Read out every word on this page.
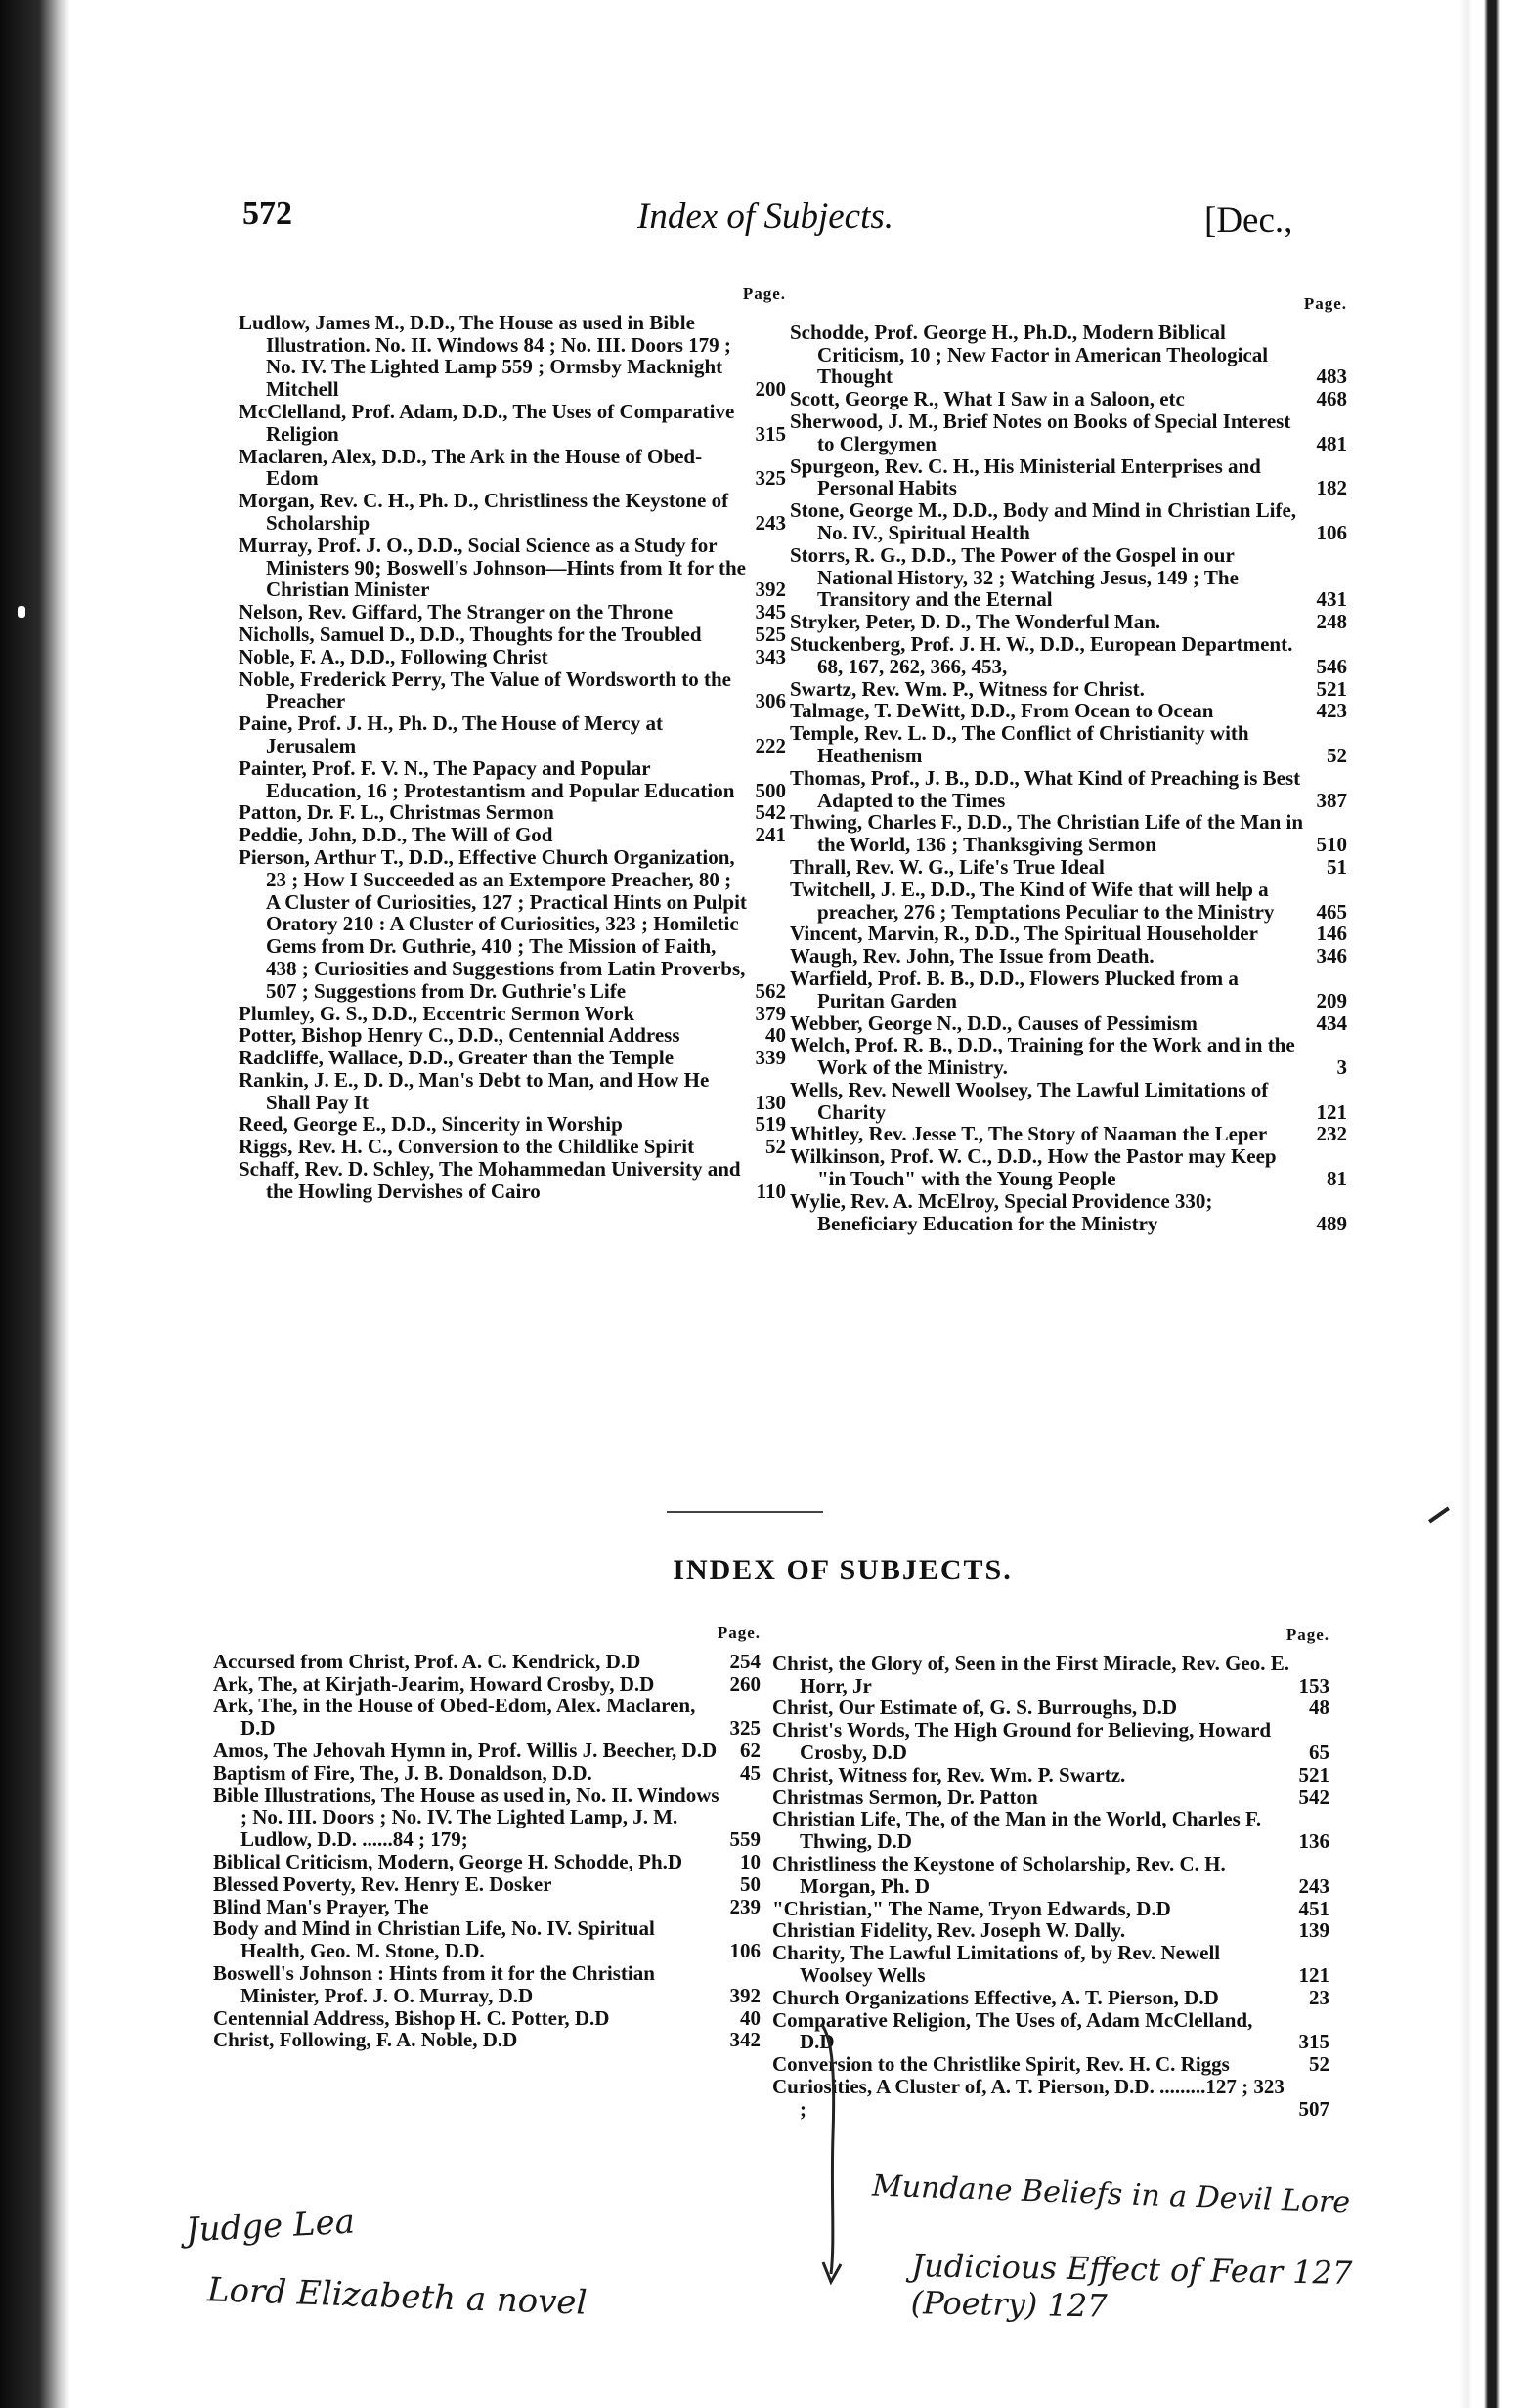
572	Index of Subjects.	[Dec.,
Page.
Ludlow, James M., D.D., The House as used in Bible Illustration. No. II. Windows 84 ; No. III. Doors 179 ; No. IV. The Lighted Lamp 559 ; Ormsby Macknight Mitchell	200
McClelland, Prof. Adam, D.D., The Uses of Comparative Religion	315
Maclaren, Alex, D.D., The Ark in the House of Obed-Edom	325
Morgan, Rev. C. H., Ph. D., Christliness the Keystone of Scholarship	243
Murray, Prof. J. O., D.D., Social Science as a Study for Ministers 90; Boswell's Johnson—Hints from It for the Christian Minister	392
Nelson, Rev. Giffard, The Stranger on the Throne	345
Nicholls, Samuel D., D.D., Thoughts for the Troubled	525
Noble, F. A., D.D., Following Christ	343
Noble, Frederick Perry, The Value of Wordsworth to the Preacher	306
Paine, Prof. J. H., Ph. D., The House of Mercy at Jerusalem	222
Painter, Prof. F. V. N., The Papacy and Popular Education, 16 ; Protestantism and Popular Education	500
Patton, Dr. F. L., Christmas Sermon	542
Peddie, John, D.D., The Will of God	241
Pierson, Arthur T., D.D., Effective Church Organization, 23 ; How I Succeeded as an Extempore Preacher, 80 ; A Cluster of Curiosities, 127 ; Practical Hints on Pulpit Oratory 210 : A Cluster of Curiosities, 323 ; Homiletic Gems from Dr. Guthrie, 410 ; The Mission of Faith, 438 ; Curiosities and Suggestions from Latin Proverbs, 507 ; Suggestions from Dr. Guthrie's Life	562
Plumley, G. S., D.D., Eccentric Sermon Work	379
Potter, Bishop Henry C., D.D., Centennial Address	40
Radcliffe, Wallace, D.D., Greater than the Temple	339
Rankin, J. E., D. D., Man's Debt to Man, and How He Shall Pay It	130
Reed, George E., D.D., Sincerity in Worship	519
Riggs, Rev. H. C., Conversion to the Childlike Spirit	52
Schaff, Rev. D. Schley, The Mohammedan University and the Howling Dervishes of Cairo	110
Page.
Schodde, Prof. George H., Ph.D., Modern Biblical Criticism, 10 ; New Factor in American Theological Thought	483
Scott, George R., What I Saw in a Saloon, etc	468
Sherwood, J. M., Brief Notes on Books of Special Interest to Clergymen	481
Spurgeon, Rev. C. H., His Ministerial Enterprises and Personal Habits	182
Stone, George M., D.D., Body and Mind in Christian Life, No. IV., Spiritual Health	106
Storrs, R. G., D.D., The Power of the Gospel in our National History, 32 ; Watching Jesus, 149 ; The Transitory and the Eternal	431
Stryker, Peter, D. D., The Wonderful Man.	248
Stuckenberg, Prof. J. H. W., D.D., European Department. 68, 167, 262, 366, 453,	546
Swartz, Rev. Wm. P., Witness for Christ.	521
Talmage, T. DeWitt, D.D., From Ocean to Ocean	423
Temple, Rev. L. D., The Conflict of Christianity with Heathenism	52
Thomas, Prof., J. B., D.D., What Kind of Preaching is Best Adapted to the Times	387
Thwing, Charles F., D.D., The Christian Life of the Man in the World, 136 ; Thanksgiving Sermon	510
Thrall, Rev. W. G., Life's True Ideal	51
Twitchell, J. E., D.D., The Kind of Wife that will help a preacher, 276 ; Temptations Peculiar to the Ministry	465
Vincent, Marvin, R., D.D., The Spiritual Householder	146
Waugh, Rev. John, The Issue from Death.	346
Warfield, Prof. B. B., D.D., Flowers Plucked from a Puritan Garden	209
Webber, George N., D.D., Causes of Pessimism	434
Welch, Prof. R. B., D.D., Training for the Work and in the Work of the Ministry.	3
Wells, Rev. Newell Woolsey, The Lawful Limitations of Charity	121
Whitley, Rev. Jesse T., The Story of Naaman the Leper	232
Wilkinson, Prof. W. C., D.D., How the Pastor may Keep "in Touch" with the Young People	81
Wylie, Rev. A. McElroy, Special Providence 330; Beneficiary Education for the Ministry	489
INDEX OF SUBJECTS.
Page.
Accursed from Christ, Prof. A. C. Kendrick, D.D	254
Ark, The, at Kirjath-Jearim, Howard Crosby, D.D	260
Ark, The, in the House of Obed-Edom, Alex. Maclaren, D.D	325
Amos, The Jehovah Hymn in, Prof. Willis J. Beecher, D.D	62
Baptism of Fire, The, J. B. Donaldson, D.D.	45
Bible Illustrations, The House as used in, No. II. Windows ; No. III. Doors ; No. IV. The Lighted Lamp, J. M. Ludlow, D.D. ......84 ; 179;	559
Biblical Criticism, Modern, George H. Schodde, Ph.D	10
Blessed Poverty, Rev. Henry E. Dosker	50
Blind Man's Prayer, The	239
Body and Mind in Christian Life, No. IV. Spiritual Health, Geo. M. Stone, D.D.	106
Boswell's Johnson : Hints from it for the Christian Minister, Prof. J. O. Murray, D.D	392
Centennial Address, Bishop H. C. Potter, D.D	40
Christ, Following, F. A. Noble, D.D	342
Page.
Christ, the Glory of, Seen in the First Miracle, Rev. Geo. E. Horr, Jr	153
Christ, Our Estimate of, G. S. Burroughs, D.D	48
Christ's Words, The High Ground for Believing, Howard Crosby, D.D	65
Christ, Witness for, Rev. Wm. P. Swartz.	521
Christmas Sermon, Dr. Patton	542
Christian Life, The, of the Man in the World, Charles F. Thwing, D.D	136
Christliness the Keystone of Scholarship, Rev. C. H. Morgan, Ph. D	243
"Christian," The Name, Tryon Edwards, D.D	451
Christian Fidelity, Rev. Joseph W. Dally.	139
Charity, The Lawful Limitations of, by Rev. Newell Woolsey Wells	121
Church Organizations Effective, A. T. Pierson, D.D	23
Comparative Religion, The Uses of, Adam McClelland, D.D	315
Conversion to the Christlike Spirit, Rev. H. C. Riggs	52
Curiosities, A Cluster of, A. T. Pierson, D.D. .........127 ; 323 ;	507
Judge Lea
Lord Elizabeth a novel
Mundane Beliefs in a Devil Lore
Judicious Effect of Fear 127 (Poetry) 127
